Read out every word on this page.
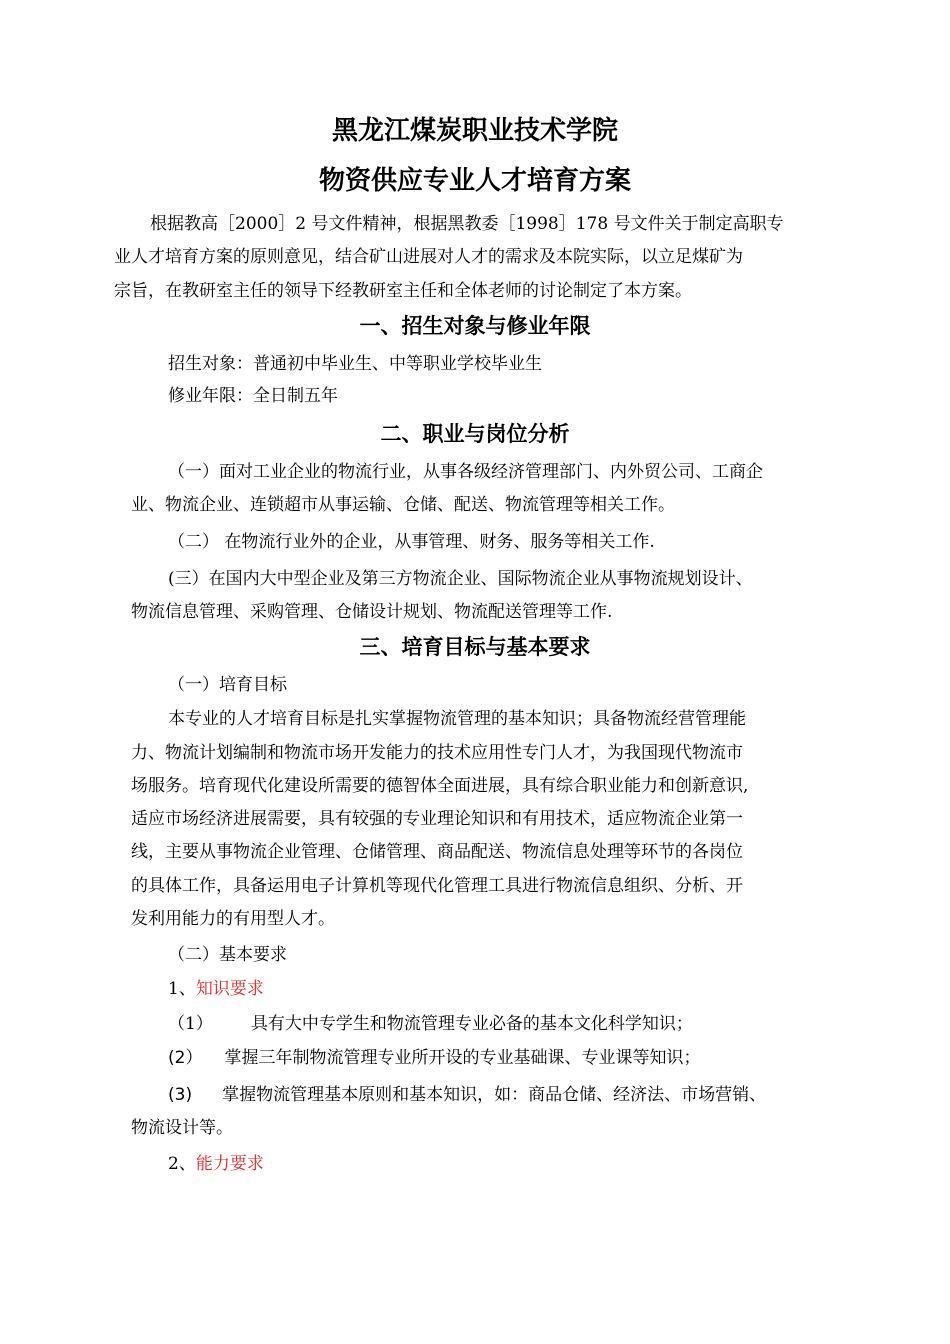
黑龙江煤炭职业技术学院
物资供应专业人才培育方案
根据教高［2000］2 号文件精神，根据黑教委［1998］178 号文件关于制定高职专
业人才培育方案的原则意见，结合矿山进展对人才的需求及本院实际，以立足煤矿为
宗旨，在教研室主任的领导下经教研室主任和全体老师的讨论制定了本方案。
一、招生对象与修业年限
招生对象：普通初中毕业生、中等职业学校毕业生
修业年限：全日制五年
二、职业与岗位分析
（一）面对工业企业的物流行业，从事各级经济管理部门、内外贸公司、工商企
业、物流企业、连锁超市从事运输、仓储、配送、物流管理等相关工作。
（二） 在物流行业外的企业，从事管理、财务、服务等相关工作.
(三）在国内大中型企业及第三方物流企业、国际物流企业从事物流规划设计、
物流信息管理、采购管理、仓储设计规划、物流配送管理等工作.
三、培育目标与基本要求
（一）培育目标
本专业的人才培育目标是扎实掌握物流管理的基本知识；具备物流经营管理能
力、物流计划编制和物流市场开发能力的技术应用性专门人才，为我国现代物流市
场服务。培育现代化建设所需要的德智体全面进展，具有综合职业能力和创新意识,
适应市场经济进展需要，具有较强的专业理论知识和有用技术，适应物流企业第一
线，主要从事物流企业管理、仓储管理、商品配送、物流信息处理等环节的各岗位
的具体工作，具备运用电子计算机等现代化管理工具进行物流信息组织、分析、开
发利用能力的有用型人才。
（二）基本要求
1、知识要求
（1） 具有大中专学生和物流管理专业必备的基本文化科学知识；
(2） 掌握三年制物流管理专业所开设的专业基础课、专业课等知识；
(3) 掌握物流管理基本原则和基本知识，如：商品仓储、经济法、市场营销、
物流设计等。
2、能力要求
